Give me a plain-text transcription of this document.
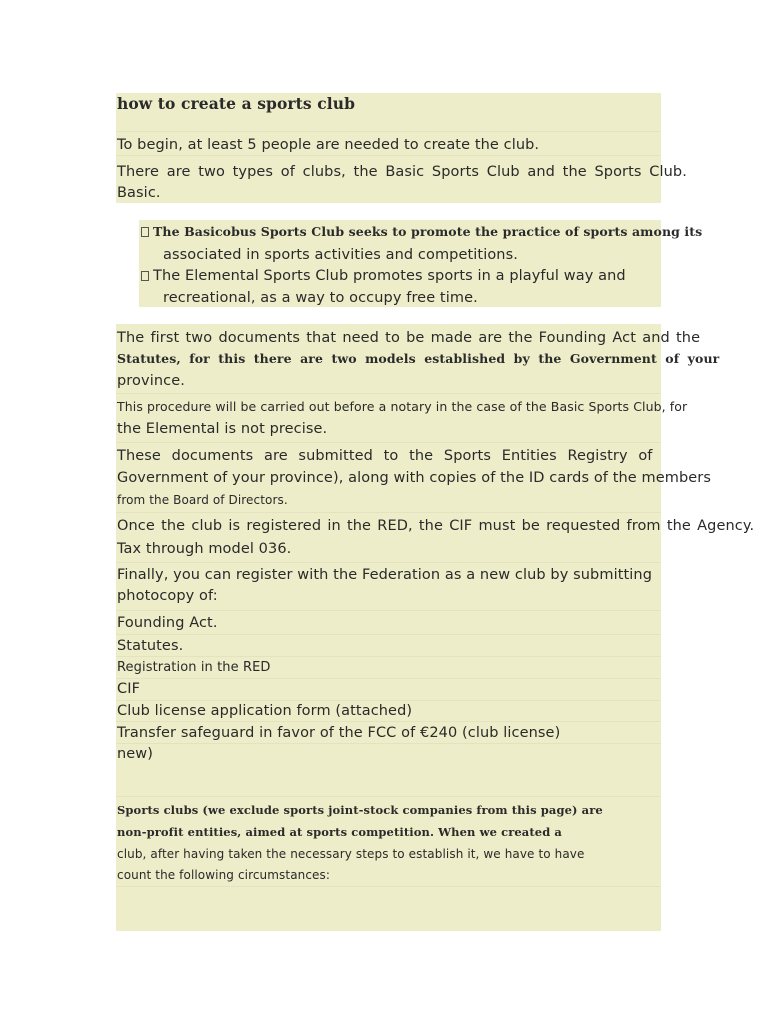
how to create a sports club
To begin, at least 5 people are needed to create the club.
There are two types of clubs, the Basic Sports Club and the Sports Club.
Basic.
The Basicobus Sports Club seeks to promote the practice of sports among its
associated in sports activities and competitions.
The Elemental Sports Club promotes sports in a playful way and
recreational, as a way to occupy free time.
The first two documents that need to be made are the Founding Act and the
Statutes, for this there are two models established by the Government of your
province.
This procedure will be carried out before a notary in the case of the Basic Sports Club, for
the Elemental is not precise.
These documents are submitted to the Sports Entities Registry of
Government of your province), along with copies of the ID cards of the members
from the Board of Directors.
Once the club is registered in the RED, the CIF must be requested from the Agency.
Tax through model 036.
Finally, you can register with the Federation as a new club by submitting
photocopy of:
Founding Act.
Statutes.
Registration in the RED
CIF
Club license application form (attached)
Transfer safeguard in favor of the FCC of €240 (club license)
new)
Sports clubs (we exclude sports joint-stock companies from this page) are
non-profit entities, aimed at sports competition. When we created a
club, after having taken the necessary steps to establish it, we have to have
count the following circumstances:
